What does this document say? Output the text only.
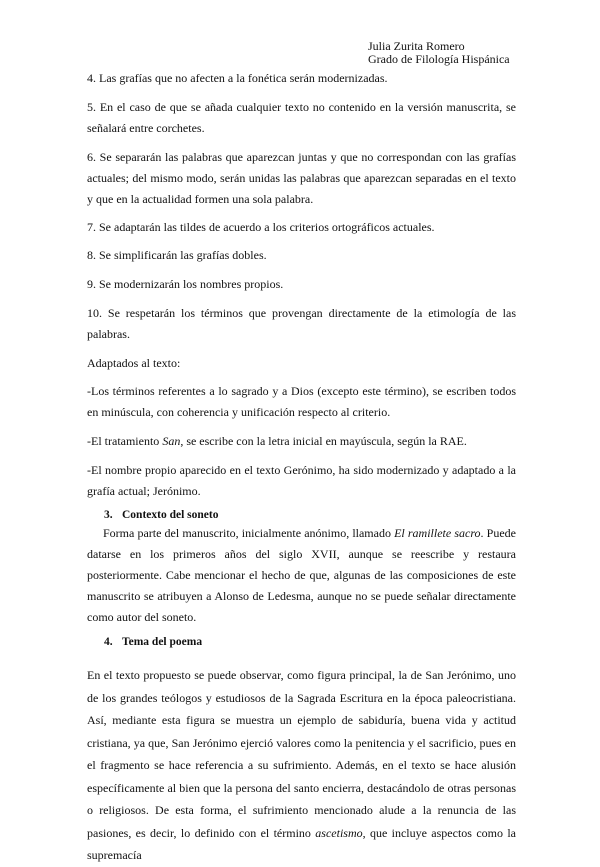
Julia Zurita Romero
Grado de Filología Hispánica

4. Las grafías que no afecten a la fonética serán modernizadas.

5. En el caso de que se añada cualquier texto no contenido en la versión manuscrita, se señalará entre corchetes.

6. Se separarán las palabras que aparezcan juntas y que no correspondan con las grafías actuales; del mismo modo, serán unidas las palabras que aparezcan separadas en el texto y que en la actualidad formen una sola palabra.

7. Se adaptarán las tildes de acuerdo a los criterios ortográficos actuales.

8. Se simplificarán las grafías dobles.

9. Se modernizarán los nombres propios.

10. Se respetarán los términos que provengan directamente de la etimología de las palabras.

Adaptados al texto:

-Los términos referentes a lo sagrado y a Dios (excepto este término), se escriben todos en minúscula, con coherencia y unificación respecto al criterio.

-El tratamiento San, se escribe con la letra inicial en mayúscula, según la RAE.

-El nombre propio aparecido en el texto Gerónimo, ha sido modernizado y adaptado a la grafía actual; Jerónimo.

3. Contexto del soneto

Forma parte del manuscrito, inicialmente anónimo, llamado El ramillete sacro. Puede datarse en los primeros años del siglo XVII, aunque se reescribe y restaura posteriormente. Cabe mencionar el hecho de que, algunas de las composiciones de este manuscrito se atribuyen a Alonso de Ledesma, aunque no se puede señalar directamente como autor del soneto.

4. Tema del poema

En el texto propuesto se puede observar, como figura principal, la de San Jerónimo, uno de los grandes teólogos y estudiosos de la Sagrada Escritura en la época paleocristiana. Así, mediante esta figura se muestra un ejemplo de sabiduría, buena vida y actitud cristiana, ya que, San Jerónimo ejerció valores como la penitencia y el sacrificio, pues en el fragmento se hace referencia a su sufrimiento. Además, en el texto se hace alusión específicamente al bien que la persona del santo encierra, destacándolo de otras personas o religiosos. De esta forma, el sufrimiento mencionado alude a la renuncia de las pasiones, es decir, lo definido con el término ascetismo, que incluye aspectos como la supremacía
